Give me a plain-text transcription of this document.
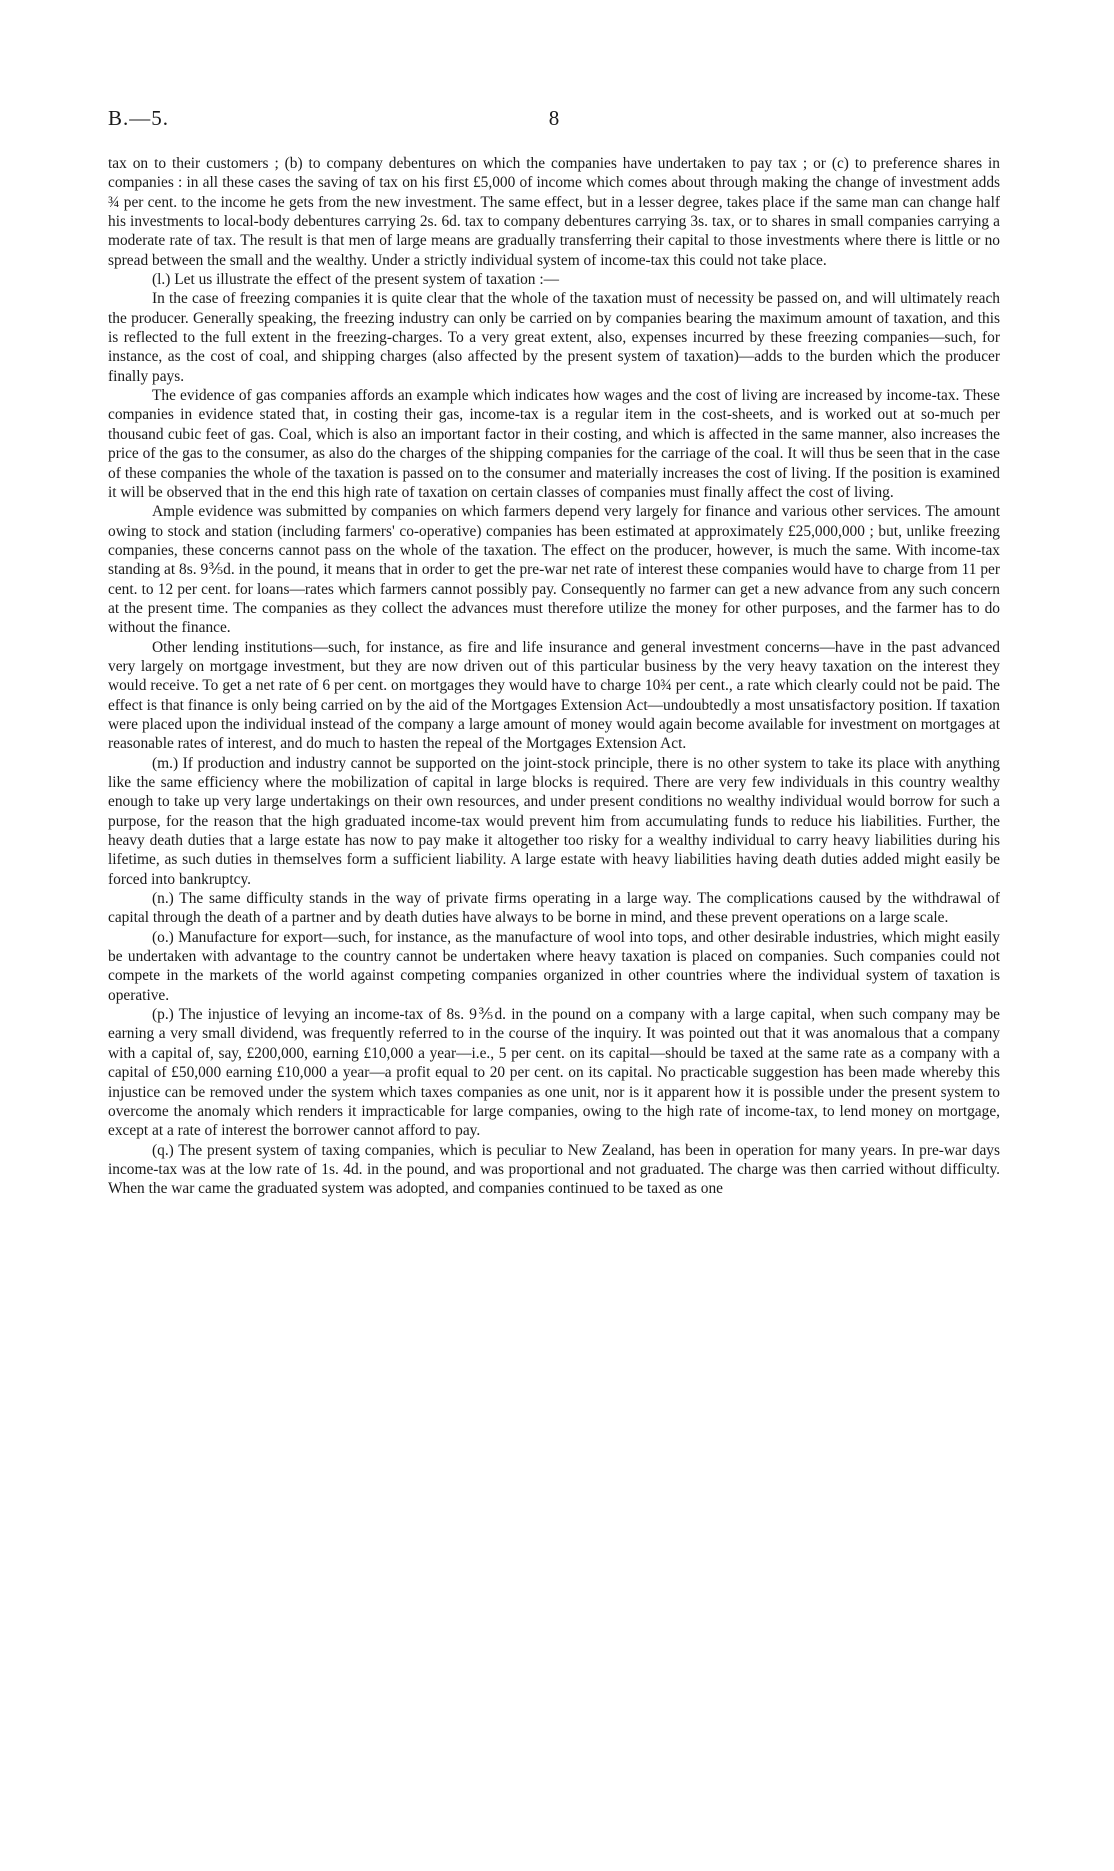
B.—5.	8

tax on to their customers ; (b) to company debentures on which the companies have undertaken to pay tax ; or (c) to preference shares in companies : in all these cases the saving of tax on his first £5,000 of income which comes about through making the change of investment adds ¾ per cent. to the income he gets from the new investment. The same effect, but in a lesser degree, takes place if the same man can change half his investments to local-body debentures carrying 2s. 6d. tax to company debentures carrying 3s. tax, or to shares in small companies carrying a moderate rate of tax. The result is that men of large means are gradually transferring their capital to those investments where there is little or no spread between the small and the wealthy. Under a strictly individual system of income-tax this could not take place.

(l.) Let us illustrate the effect of the present system of taxation :—

In the case of freezing companies it is quite clear that the whole of the taxation must of necessity be passed on, and will ultimately reach the producer. Generally speaking, the freezing industry can only be carried on by companies bearing the maximum amount of taxation, and this is reflected to the full extent in the freezing-charges. To a very great extent, also, expenses incurred by these freezing companies—such, for instance, as the cost of coal, and shipping charges (also affected by the present system of taxation)—adds to the burden which the producer finally pays.

The evidence of gas companies affords an example which indicates how wages and the cost of living are increased by income-tax. These companies in evidence stated that, in costing their gas, income-tax is a regular item in the cost-sheets, and is worked out at so-much per thousand cubic feet of gas. Coal, which is also an important factor in their costing, and which is affected in the same manner, also increases the price of the gas to the consumer, as also do the charges of the shipping companies for the carriage of the coal. It will thus be seen that in the case of these companies the whole of the taxation is passed on to the consumer and materially increases the cost of living. If the position is examined it will be observed that in the end this high rate of taxation on certain classes of companies must finally affect the cost of living.

Ample evidence was submitted by companies on which farmers depend very largely for finance and various other services. The amount owing to stock and station (including farmers' co-operative) companies has been estimated at approximately £25,000,000 ; but, unlike freezing companies, these concerns cannot pass on the whole of the taxation. The effect on the producer, however, is much the same. With income-tax standing at 8s. 9⅗d. in the pound, it means that in order to get the pre-war net rate of interest these companies would have to charge from 11 per cent. to 12 per cent. for loans—rates which farmers cannot possibly pay. Consequently no farmer can get a new advance from any such concern at the present time. The companies as they collect the advances must therefore utilize the money for other purposes, and the farmer has to do without the finance.

Other lending institutions—such, for instance, as fire and life insurance and general investment concerns—have in the past advanced very largely on mortgage investment, but they are now driven out of this particular business by the very heavy taxation on the interest they would receive. To get a net rate of 6 per cent. on mortgages they would have to charge 10¾ per cent., a rate which clearly could not be paid. The effect is that finance is only being carried on by the aid of the Mortgages Extension Act—undoubtedly a most unsatisfactory position. If taxation were placed upon the individual instead of the company a large amount of money would again become available for investment on mortgages at reasonable rates of interest, and do much to hasten the repeal of the Mortgages Extension Act.

(m.) If production and industry cannot be supported on the joint-stock principle, there is no other system to take its place with anything like the same efficiency where the mobilization of capital in large blocks is required. There are very few individuals in this country wealthy enough to take up very large undertakings on their own resources, and under present conditions no wealthy individual would borrow for such a purpose, for the reason that the high graduated income-tax would prevent him from accumulating funds to reduce his liabilities. Further, the heavy death duties that a large estate has now to pay make it altogether too risky for a wealthy individual to carry heavy liabilities during his lifetime, as such duties in themselves form a sufficient liability. A large estate with heavy liabilities having death duties added might easily be forced into bankruptcy.

(n.) The same difficulty stands in the way of private firms operating in a large way. The complications caused by the withdrawal of capital through the death of a partner and by death duties have always to be borne in mind, and these prevent operations on a large scale.

(o.) Manufacture for export—such, for instance, as the manufacture of wool into tops, and other desirable industries, which might easily be undertaken with advantage to the country cannot be undertaken where heavy taxation is placed on companies. Such companies could not compete in the markets of the world against competing companies organized in other countries where the individual system of taxation is operative.

(p.) The injustice of levying an income-tax of 8s. 9⅗d. in the pound on a company with a large capital, when such company may be earning a very small dividend, was frequently referred to in the course of the inquiry. It was pointed out that it was anomalous that a company with a capital of, say, £200,000, earning £10,000 a year—i.e., 5 per cent. on its capital—should be taxed at the same rate as a company with a capital of £50,000 earning £10,000 a year—a profit equal to 20 per cent. on its capital. No practicable suggestion has been made whereby this injustice can be removed under the system which taxes companies as one unit, nor is it apparent how it is possible under the present system to overcome the anomaly which renders it impracticable for large companies, owing to the high rate of income-tax, to lend money on mortgage, except at a rate of interest the borrower cannot afford to pay.

(q.) The present system of taxing companies, which is peculiar to New Zealand, has been in operation for many years. In pre-war days income-tax was at the low rate of 1s. 4d. in the pound, and was proportional and not graduated. The charge was then carried without difficulty. When the war came the graduated system was adopted, and companies continued to be taxed as one
